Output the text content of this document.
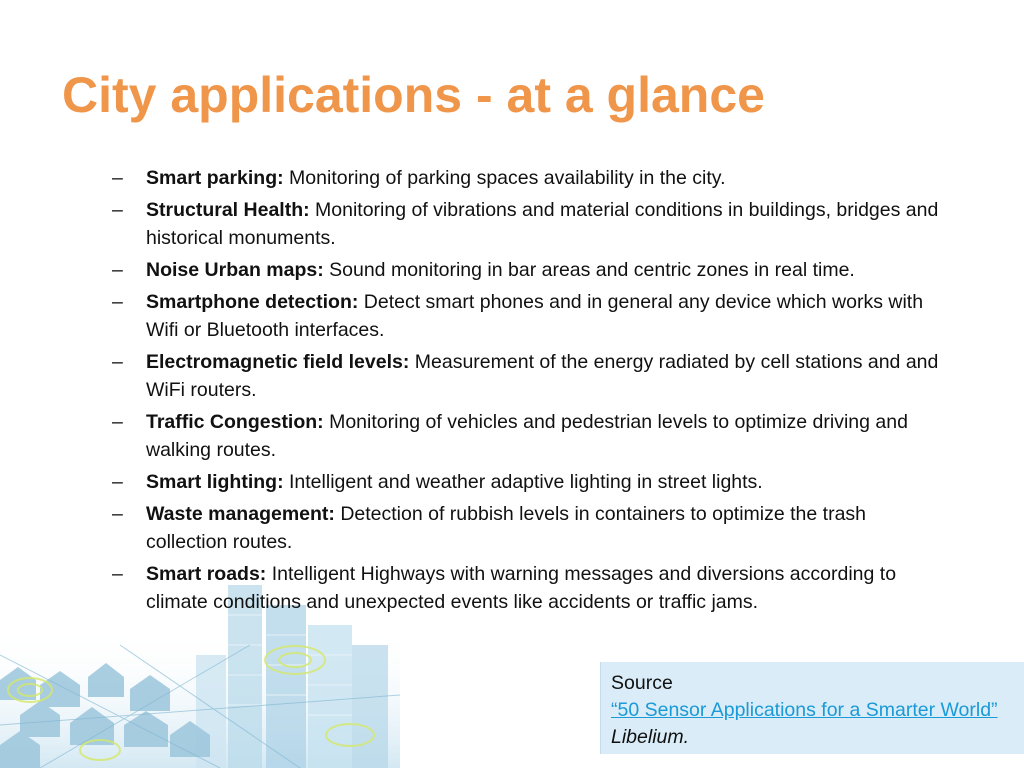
City applications - at a glance
– Smart parking: Monitoring of parking spaces availability in the city.
– Structural Health: Monitoring of vibrations and material conditions in buildings, bridges and historical monuments.
– Noise Urban maps: Sound monitoring in bar areas and centric zones in real time.
– Smartphone detection: Detect smart phones and in general any device which works with Wifi or Bluetooth interfaces.
– Electromagnetic field levels: Measurement of the energy radiated by cell stations and and WiFi routers.
– Traffic Congestion: Monitoring of vehicles and pedestrian levels to optimize driving and walking routes.
– Smart lighting: Intelligent and weather adaptive lighting in street lights.
– Waste management: Detection of rubbish levels in containers to optimize the trash collection routes.
– Smart roads: Intelligent Highways with warning messages and diversions according to climate conditions and unexpected events like accidents or traffic jams.
Source
“50 Sensor Applications for a Smarter World” Libelium.
